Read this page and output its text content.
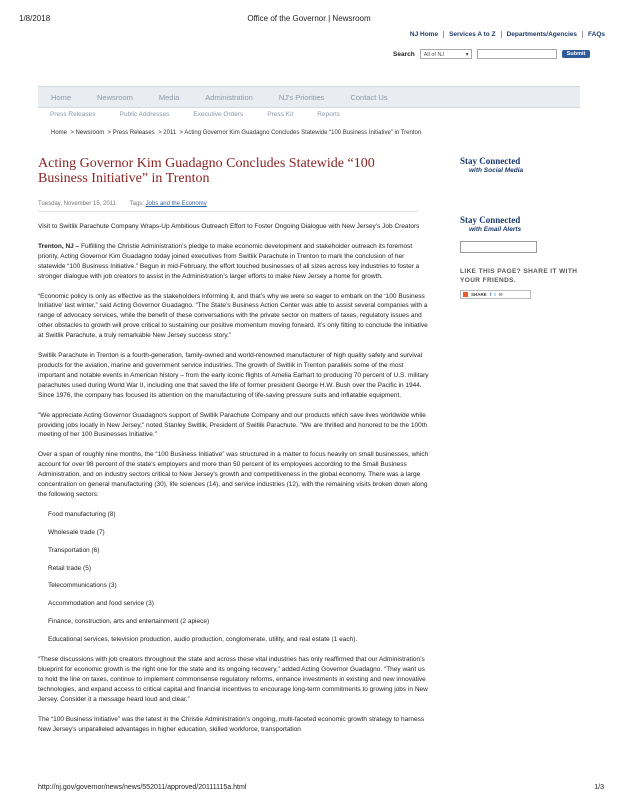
1/8/2018	Office of the Governor | Newsroom
NJ Home	Services A to Z	Departments/Agencies	FAQs
Search	All of NJ ▾	Submit
Home	Newsroom	Media	Administration	NJ's Priorities	Contact Us
Press Releases	Public Addresses	Executive Orders	Press Kit	Reports
Home  > Newsroom  > Press Releases  > 2011  > Acting Governor Kim Guadagno Concludes Statewide “100 Business Initiative” in Trenton
Acting Governor Kim Guadagno Concludes Statewide “100 Business Initiative” in Trenton
Tuesday, November 15, 2011 Tags: Jobs and the Economy

Visit to Switlik Parachute Company Wraps-Up Ambitious Outreach Effort to Foster Ongoing Dialogue with New Jersey’s Job Creators

Trenton, NJ – Fulfilling the Christie Administration’s pledge to make economic development and stakeholder outreach its foremost priority, Acting Governor Kim Guadagno today joined executives from Switlik Parachute in Trenton to mark the conclusion of her statewide “100 Business Initiative.” Begun in mid-February, the effort touched businesses of all sizes across key industries to foster a stronger dialogue with job creators to assist in the Administration’s larger efforts to make New Jersey a home for growth.

“Economic policy is only as effective as the stakeholders informing it, and that’s why we were so eager to embark on the ‘100 Business Initiative’ last winter,” said Acting Governor Guadagno. “The State’s Business Action Center was able to assist several companies with a range of advocacy services, while the benefit of these conversations with the private sector on matters of taxes, regulatory issues and other obstacles to growth will prove critical to sustaining our positive momentum moving forward. It’s only fitting to conclude the initiative at Switlik Parachute, a truly remarkable New Jersey success story.”

Switlik Parachute in Trenton is a fourth-generation, family-owned and world-renowned manufacturer of high quality safety and survival products for the aviation, marine and government service industries. The growth of Switlik in Trenton parallels some of the most important and notable events in American history – from the early iconic flights of Amelia Earhart to producing 70 percent of U.S. military parachutes used during World War II, including one that saved the life of former president George H.W. Bush over the Pacific in 1944. Since 1976, the company has focused its attention on the manufacturing of life-saving pressure suits and inflatable equipment.

"We appreciate Acting Governor Guadagno's support of Switlik Parachute Company and our products which save lives worldwide while providing jobs locally in New Jersey," noted Stanley Switlik, President of Switlik Parachute. "We are thrilled and honored to be the 100th meeting of her 100 Businesses Initiative."

Over a span of roughly nine months, the “100 Business Initiative” was structured in a matter to focus heavily on small businesses, which account for over 98 percent of the state’s employers and more than 50 percent of its employees according to the Small Business Administration, and on industry sectors critical to New Jersey’s growth and competitiveness in the global economy. There was a large concentration on general manufacturing (30), life sciences (14), and service industries (12), with the remaining visits broken down along the following sectors:

Food manufacturing (8)
Wholesale trade (7)
Transportation (6)
Retail trade (5)
Telecommunications (3)
Accommodation and food service (3)
Finance, construction, arts and entertainment (2 apiece)
Educational services, television production, audio production, conglomerate, utility, and real estate (1 each).

“These discussions with job creators throughout the state and across these vital industries has only reaffirmed that our Administration’s blueprint for economic growth is the right one for the state and its ongoing recovery,” added Acting Governor Guadagno. “They want us to hold the line on taxes, continue to implement commonsense regulatory reforms, enhance investments in existing and new innovative technologies, and expand access to critical capital and financial incentives to encourage long-term commitments to growing jobs in New Jersey. Consider it a message heard loud and clear.”

The “100 Business Initiative” was the latest in the Christie Administration’s ongoing, multi-faceted economic growth strategy to harness New Jersey’s unparalleled advantages in higher education, skilled workforce, transportation

Stay Connected
with Social Media
Stay Connected
with Email Alerts
LIKE THIS PAGE? SHARE IT WITH YOUR FRIENDS.
SHARE f t ✉
http://nj.gov/governor/news/news/552011/approved/20111115a.html	1/3
